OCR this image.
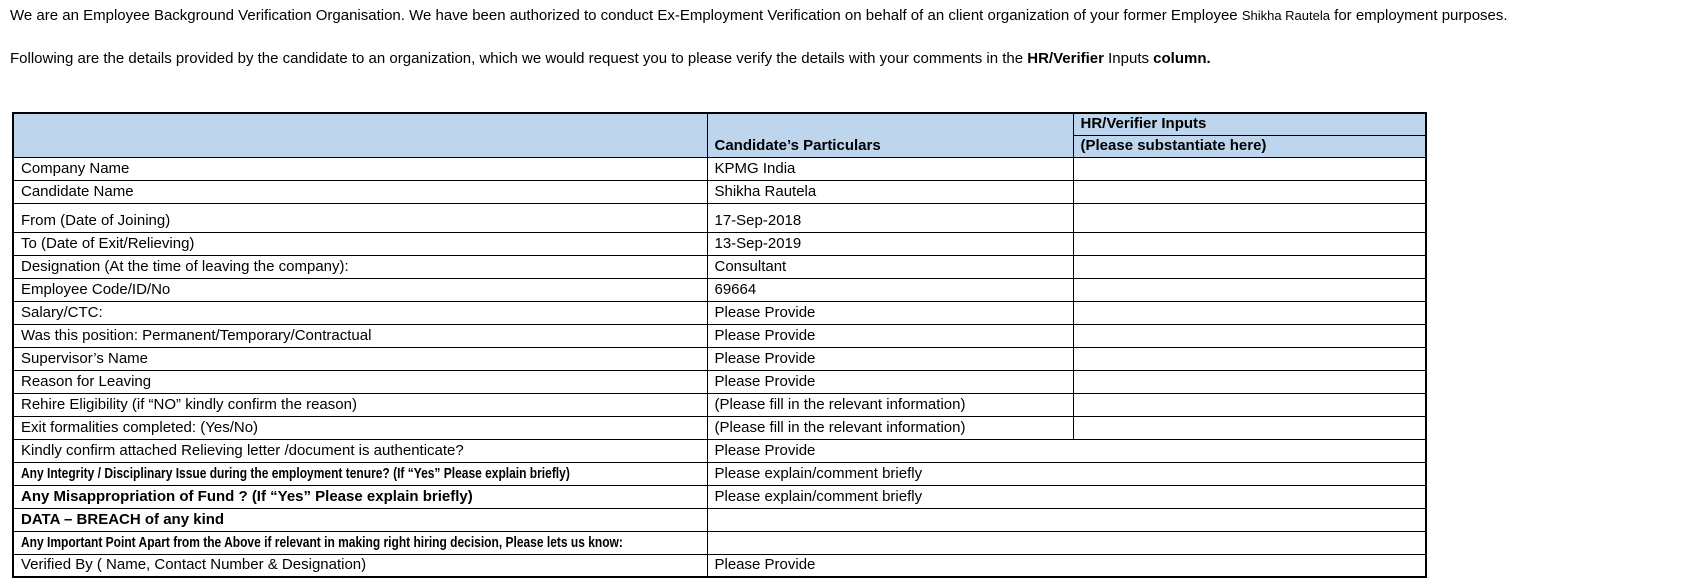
We are an Employee Background Verification Organisation. We have been authorized to conduct Ex-Employment Verification on behalf of an client organization of your former Employee Shikha Rautela for employment purposes.

Following are the details provided by the candidate to an organization, which we would request you to please verify the details with your comments in the HR/Verifier Inputs column.

	Candidate’s Particulars	HR/Verifier Inputs
		(Please substantiate here)
Company Name	KPMG India	
Candidate Name	Shikha Rautela	
From (Date of Joining)	17-Sep-2018	
To (Date of Exit/Relieving)	13-Sep-2019	
Designation (At the time of leaving the company):	Consultant	
Employee Code/ID/No	69664	
Salary/CTC:	Please Provide	
Was this position: Permanent/Temporary/Contractual	Please Provide	
Supervisor’s Name	Please Provide	
Reason for Leaving	Please Provide	
Rehire Eligibility (if “NO” kindly confirm the reason)	(Please fill in the relevant information)	
Exit formalities completed: (Yes/No)	(Please fill in the relevant information)	
Kindly confirm attached Relieving letter /document is authenticate?	Please Provide	
Any Integrity / Disciplinary Issue during the employment tenure? (If “Yes” Please explain briefly)	Please explain/comment briefly	
Any Misappropriation of Fund ? (If “Yes” Please explain briefly)	Please explain/comment briefly	
DATA – BREACH of any kind		
Any Important Point Apart from the Above if relevant in making right hiring decision, Please lets us know:		
Verified By ( Name, Contact Number & Designation)	Please Provide	
